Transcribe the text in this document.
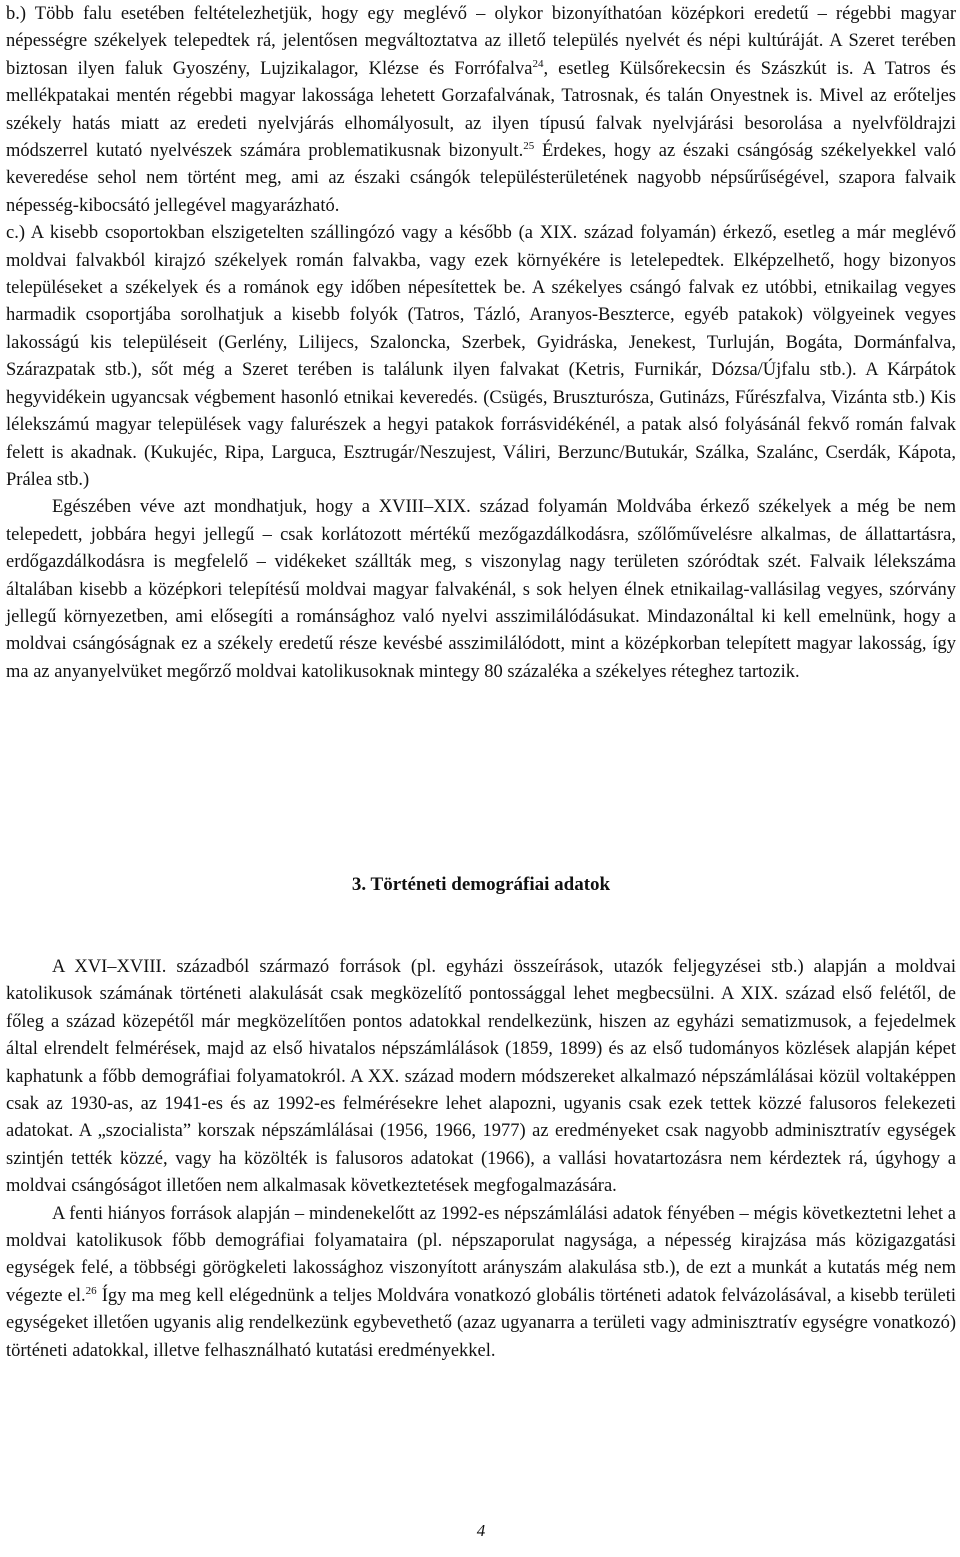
b.) Több falu esetében feltételezhetjük, hogy egy meglévő – olykor bizonyíthatóan középkori eredetű – régebbi magyar népességre székelyek telepedtek rá, jelentősen megváltoztatva az illető település nyelvét és népi kultúráját. A Szeret terében biztosan ilyen faluk Gyoszény, Lujzikalagor, Klézse és Forrófalva$^{24}$, esetleg Külsőrekecsin és Szászkút is. A Tatros és mellékpatakai mentén régebbi magyar lakossága lehetett Gorzafalvának, Tatrosnak, és talán Onyestnek is. Mivel az erőteljes székely hatás miatt az eredeti nyelvjárás elhomályosult, az ilyen típusú falvak nyelvjárási besorolása a nyelvföldrajzi módszerrel kutató nyelvészek számára problematikusnak bizonyult.$^{25}$ Érdekes, hogy az északi csángóság székelyekkel való keveredése sehol nem történt meg, ami az északi csángók településterületének nagyobb népsűrűségével, szapora falvaik népesség-kibocsátó jellegével magyarázható.

c.) A kisebb csoportokban elszigetelten szállingózó vagy a később (a XIX. század folyamán) érkező, esetleg a már meglévő moldvai falvakból kirajzó székelyek román falvakba, vagy ezek környékére is letelepedtek. Elképzelhető, hogy bizonyos településeket a székelyek és a románok egy időben népesítettek be. A székelyes csángó falvak ez utóbbi, etnikailag vegyes harmadik csoportjába sorolhatjuk a kisebb folyók (Tatros, Tázló, Aranyos-Beszterce, egyéb patakok) völgyeinek vegyes lakosságú kis településeit (Gerlény, Lilijecs, Szaloncka, Szerbek, Gyidráska, Jenekest, Turluján, Bogáta, Dormánfalva, Szárazpatak stb.), sőt még a Szeret terében is találunk ilyen falvakat (Ketris, Furnikár, Dózsa/Újfalu stb.). A Kárpátok hegyvidékein ugyancsak végbement hasonló etnikai keveredés. (Csügés, Bruszturósza, Gutinázs, Fűrészfalva, Vizánta stb.) Kis lélekszámú magyar települések vagy falurészek a hegyi patakok forrásvidékénél, a patak alsó folyásánál fekvő román falvak felett is akadnak. (Kukujéc, Ripa, Larguca, Esztrugár/Neszujest, Váliri, Berzunc/Butukár, Szálka, Szalánc, Cserdák, Kápota, Prálea stb.)

Egészében véve azt mondhatjuk, hogy a XVIII–XIX. század folyamán Moldvába érkező székelyek a még be nem telepedett, jobbára hegyi jellegű – csak korlátozott mértékű mezőgazdálkodásra, szőlőművelésre alkalmas, de állattartásra, erdőgazdálkodásra is megfelelő – vidékeket szállták meg, s viszonylag nagy területen szóródtak szét. Falvaik lélekszáma általában kisebb a középkori telepítésű moldvai magyar falvakénál, s sok helyen élnek etnikailag-vallásilag vegyes, szórvány jellegű környezetben, ami elősegíti a románsághoz való nyelvi asszimilálódásukat. Mindazonáltal ki kell emelnünk, hogy a moldvai csángóságnak ez a székely eredetű része kevésbé asszimilálódott, mint a középkorban telepített magyar lakosság, így ma az anyanyelvüket megőrző moldvai katolikusoknak mintegy 80 százaléka a székelyes réteghez tartozik.

3. Történeti demográfiai adatok

A XVI–XVIII. századból származó források (pl. egyházi összeírások, utazók feljegyzései stb.) alapján a moldvai katolikusok számának történeti alakulását csak megközelítő pontossággal lehet megbecsülni. A XIX. század első felétől, de főleg a század közepétől már megközelítően pontos adatokkal rendelkezünk, hiszen az egyházi sematizmusok, a fejedelmek által elrendelt felmérések, majd az első hivatalos népszámlálások (1859, 1899) és az első tudományos közlések alapján képet kaphatunk a főbb demográfiai folyamatokról. A XX. század modern módszereket alkalmazó népszámlálásai közül voltaképpen csak az 1930-as, az 1941-es és az 1992-es felmérésekre lehet alapozni, ugyanis csak ezek tettek közzé falusoros felekezeti adatokat. A „szocialista” korszak népszámlálásai (1956, 1966, 1977) az eredményeket csak nagyobb adminisztratív egységek szintjén tették közzé, vagy ha közölték is falusoros adatokat (1966), a vallási hovatartozásra nem kérdeztek rá, úgyhogy a moldvai csángóságot illetően nem alkalmasak következtetések megfogalmazására.

A fenti hiányos források alapján – mindenekelőtt az 1992-es népszámlálási adatok fényében – mégis következtetni lehet a moldvai katolikusok főbb demográfiai folyamataira (pl. népszaporulat nagysága, a népesség kirajzása más közigazgatási egységek felé, a többségi görögkeleti lakossághoz viszonyított arányszám alakulása stb.), de ezt a munkát a kutatás még nem végezte el.$^{26}$ Így ma meg kell elégednünk a teljes Moldvára vonatkozó globális történeti adatok felvázolásával, a kisebb területi egységeket illetően ugyanis alig rendelkezünk egybevethető (azaz ugyanarra a területi vagy adminisztratív egységre vonatkozó) történeti adatokkal, illetve felhasználható kutatási eredményekkel.

4
